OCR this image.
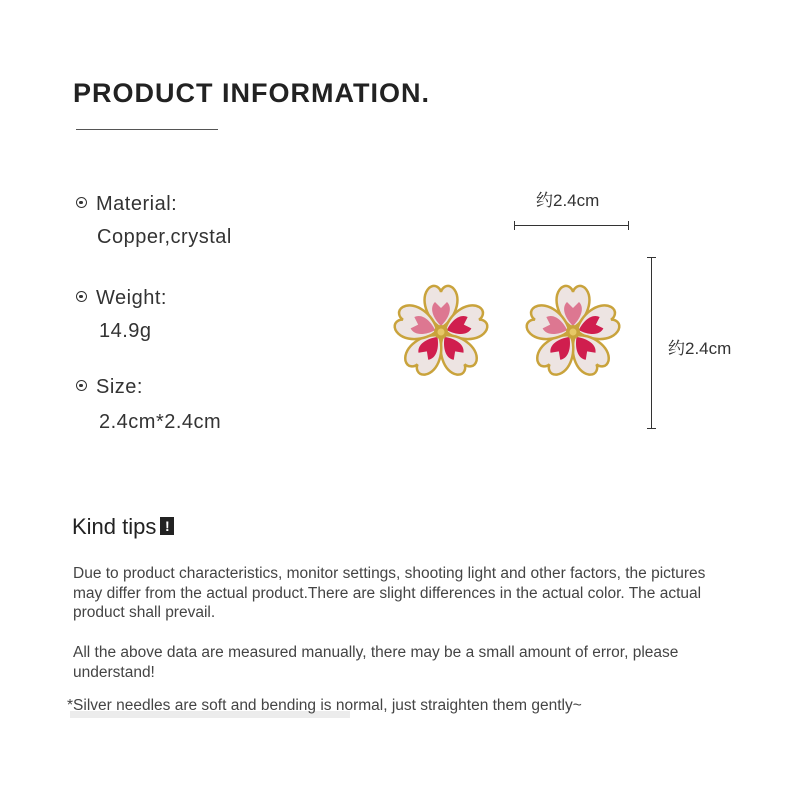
PRODUCT INFORMATION.
Material:
Copper,crystal
Weight:
14.9g
Size:
2.4cm*2.4cm
约2.4cm
约2.4cm
Kind tips !
Due to product characteristics, monitor settings, shooting light and other factors, the pictures may differ from the actual product.There are slight differences in the actual color. The actual product shall prevail.
All the above data are measured manually, there may be a small amount of error, please understand!
*Silver needles are soft and bending is normal, just straighten them gently~
